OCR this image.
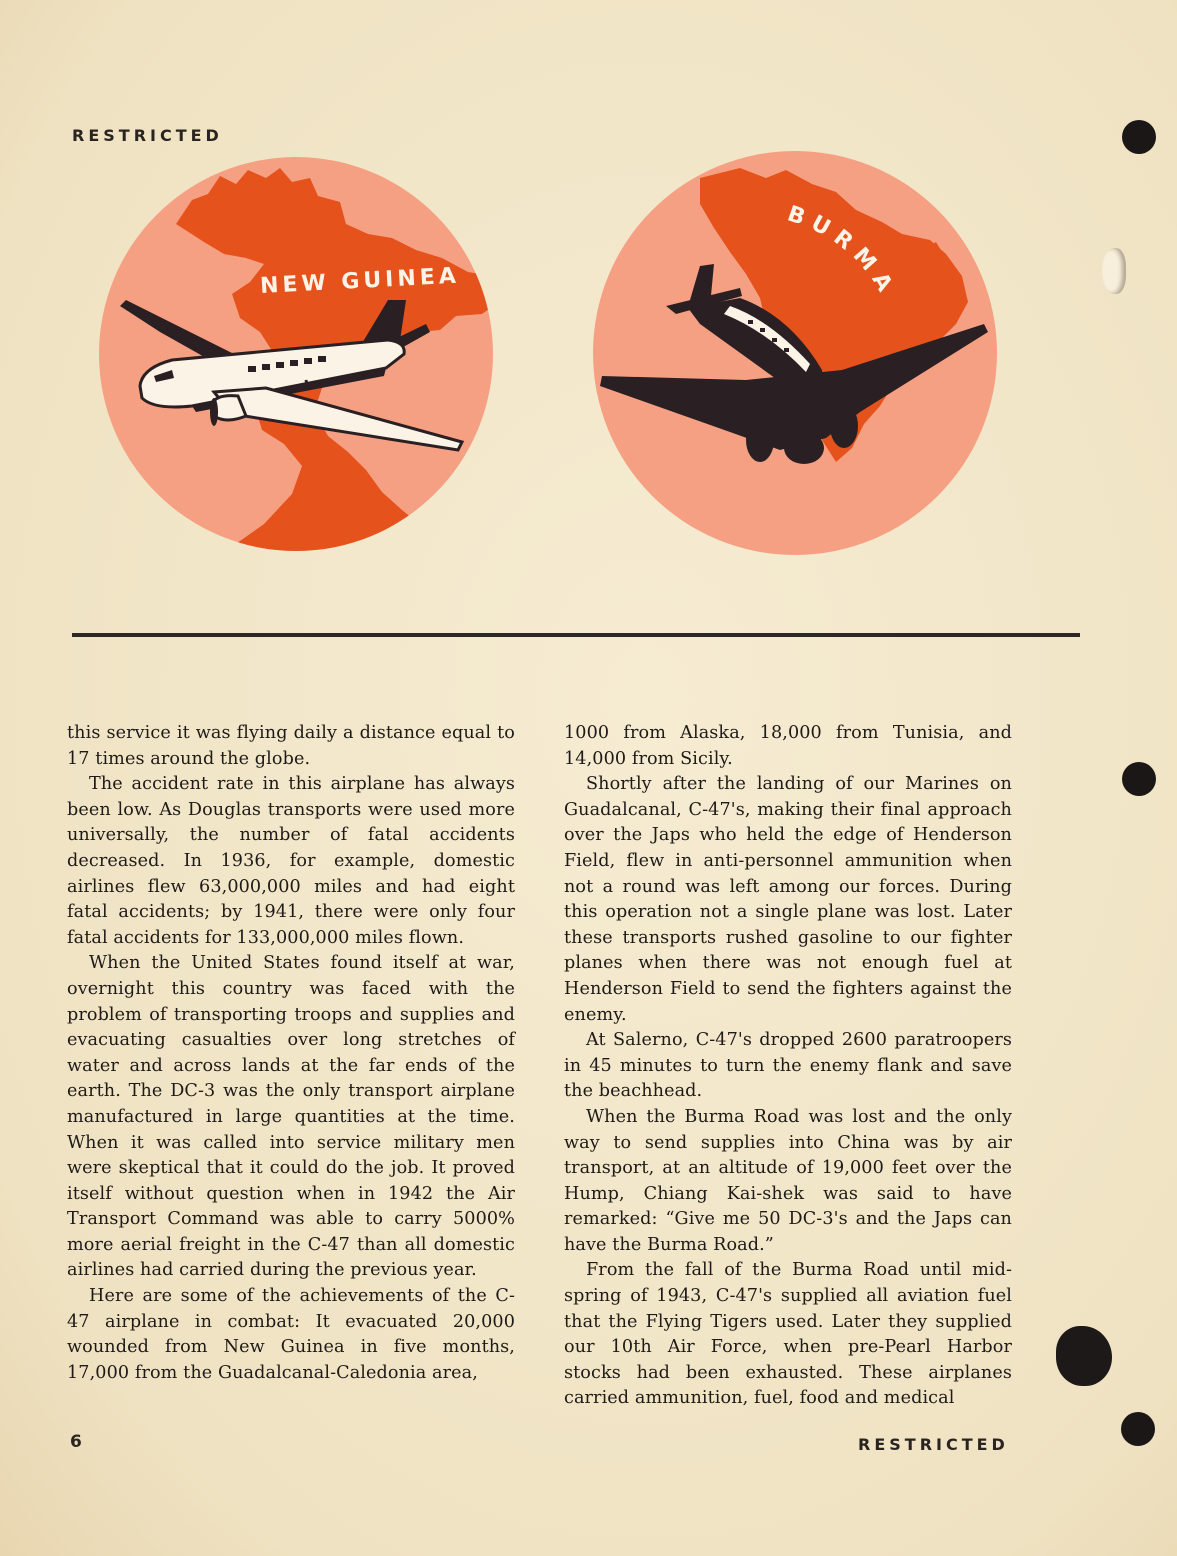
RESTRICTED
NEW GUINEA
BURMA

this service it was flying daily a distance equal to 17 times around the globe.

The accident rate in this airplane has always been low. As Douglas transports were used more universally, the number of fatal accidents decreased. In 1936, for example, domestic airlines flew 63,000,000 miles and had eight fatal accidents; by 1941, there were only four fatal accidents for 133,000,000 miles flown.

When the United States found itself at war, overnight this country was faced with the problem of transporting troops and supplies and evacuating casualties over long stretches of water and across lands at the far ends of the earth. The DC-3 was the only transport airplane manufactured in large quantities at the time. When it was called into service military men were skeptical that it could do the job. It proved itself without question when in 1942 the Air Transport Command was able to carry 5000% more aerial freight in the C-47 than all domestic airlines had carried during the previous year.

Here are some of the achievements of the C-47 airplane in combat: It evacuated 20,000 wounded from New Guinea in five months, 17,000 from the Guadalcanal-Caledonia area,

1000 from Alaska, 18,000 from Tunisia, and 14,000 from Sicily.

Shortly after the landing of our Marines on Guadalcanal, C-47's, making their final approach over the Japs who held the edge of Henderson Field, flew in anti-personnel ammunition when not a round was left among our forces. During this operation not a single plane was lost. Later these transports rushed gasoline to our fighter planes when there was not enough fuel at Henderson Field to send the fighters against the enemy.

At Salerno, C-47's dropped 2600 paratroopers in 45 minutes to turn the enemy flank and save the beachhead.

When the Burma Road was lost and the only way to send supplies into China was by air transport, at an altitude of 19,000 feet over the Hump, Chiang Kai-shek was said to have remarked: “Give me 50 DC-3's and the Japs can have the Burma Road.”

From the fall of the Burma Road until mid-spring of 1943, C-47's supplied all aviation fuel that the Flying Tigers used. Later they supplied our 10th Air Force, when pre-Pearl Harbor stocks had been exhausted. These airplanes carried ammunition, fuel, food and medical

6	RESTRICTED
